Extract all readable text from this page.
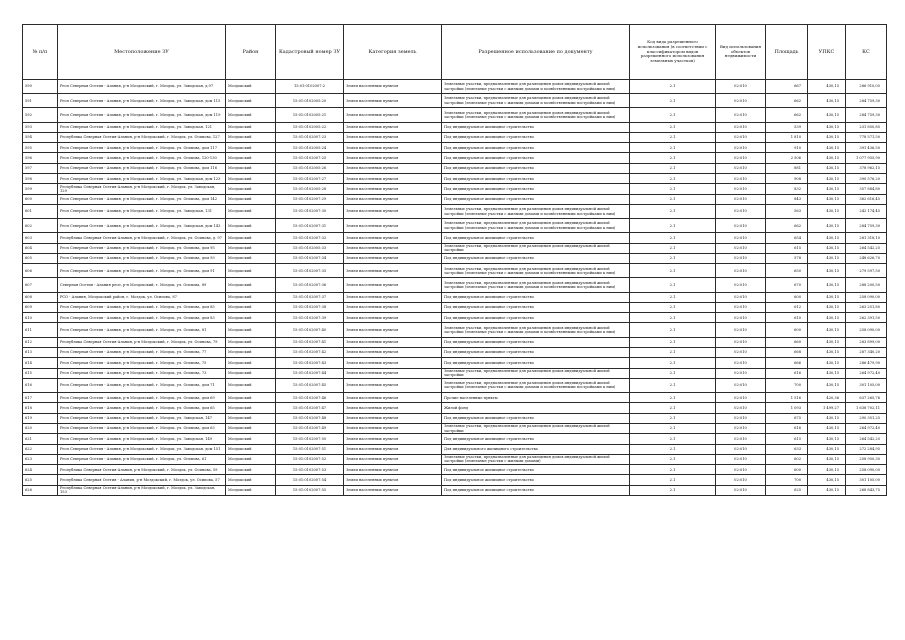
№ п/п	Местоположение ЗУ	Район	Кадастровый номер ЗУ	Категория земель	Разрешенное использование по документу	Код вида разрешенного использования (в соответствии с классификатором видов разрешенного использования земельных участков)	Вид использования объектов недвижимости	Площадь	УПКС	КС
590	Респ Северная Осетия - Алания, р-н Моздокский, г. Моздок, ул. Заводская, д.97	Моздокский	15:01:0102007:2	Земли населенных пунктов	Земельные участки, предназначенные для размещения домов индивидуальной жилой застройки (земельные участки с жилыми домами и хозяйственными постройками к ним)	2.1	02:010	667	430,15	286 910,05
591	Респ Северная Осетия - Алания, р-н Моздокский, г. Моздок, ул. Заводская, дом 115	Моздокский	15:01:0102005:20	Земли населенных пунктов	Земельные участки, предназначенные для размещения домов индивидуальной жилой застройки (земельные участки с жилыми домами и хозяйственными постройками к ним)	2.1	02:010	662	430,15	284 759,30
592	Респ Северная Осетия - Алания, р-н Моздокский, г. Моздок, ул. Заводская, дом 119	Моздокский	15:01:0102005:21	Земли населенных пунктов	Земельные участки, предназначенные для размещения домов индивидуальной жилой застройки (земельные участки с жилыми домами и хозяйственными постройками к ним)	2.1	02:010	662	430,15	284 759,30
593	Респ Северная Осетия - Алания, р-н Моздокский, г. Моздок, ул. Заводская, 121	Моздокский	15:01:0102005:22	Земли населенных пунктов	Под индивидуальное жилищное строительство	2.1	02:010	539	430,15	231 850,85
594	Республика Северная Осетия-Алания, р-н Моздокский, г. Моздок, ул. Осипова, 127	Моздокский	15:01:0102007:23	Земли населенных пунктов	Под индивидуальное жилищное строительство	2.1	02:010	1 810	430,15	778 571,50
595	Респ Северная Осетия - Алания, р-н Моздокский, г. Моздок, ул. Осипова, дом 117	Моздокский	15:01:0102005:24	Земли населенных пунктов	Под индивидуальное жилищное строительство	2.1	02:010	910	430,15	391 436,50
596	Респ Северная Осетия - Алания, р-н Моздокский, г. Моздок, ул. Осипова, 120-130	Моздокский	15:01:0102007:25	Земли населенных пунктов	Под индивидуальное жилищное строительство	2.1	02:010	2 506	430,15	1 077 955,90
597	Респ Северная Осетия - Алания, р-н Моздокский, г. Моздок, ул. Осипова, дом 116	Моздокский	15:01:0102005:26	Земли населенных пунктов	Под индивидуальное жилищное строительство	2.1	02:010	881	430,15	378 962,15
598	Респ Северная Осетия - Алания, р-н Моздокский, г. Моздок, ул. Заводская, дом 123	Моздокский	15:01:0102007:27	Земли населенных пунктов	Под индивидуальное жилищное строительство	2.1	02:010	908	430,15	390 576,20
599	Республика Северная Осетия-Алания, р-н Моздокский, г. Моздок, ул. Заводская, 129	Моздокский	15:01:0102005:28	Земли населенных пунктов	Под индивидуальное жилищное строительство	2.1	02:010	832	430,15	357 884,80
600	Респ Северная Осетия - Алания, р-н Моздокский, г. Моздок, ул. Осипова, дом 142	Моздокский	15:01:0102007:29	Земли населенных пунктов	Под индивидуальное жилищное строительство	2.1	02:010	843	430,15	362 616,45
601	Респ Северная Осетия - Алания, р-н Моздокский, г. Моздок, ул. Заводская, 131	Моздокский	15:01:0102007:30	Земли населенных пунктов	Земельные участки, предназначенные для размещения домов индивидуальной жилой застройки (земельные участки с жилыми домами и хозяйственными постройками к ним)	2.1	02:010	563	430,15	242 174,45
602	Респ Северная Осетия - Алания, р-н Моздокский, г. Моздок, ул. Заводская, дом 143	Моздокский	15:01:0102007:31	Земли населенных пунктов	Земельные участки, предназначенные для размещения домов индивидуальной жилой застройки (земельные участки с жилыми домами и хозяйственными постройками к ним)	2.1	02:010	662	430,15	284 759,30
603	Республика Северная Осетия-Алания, р-н Моздокский, г. Моздок, ул. Осипова, д. 97	Моздокский	15:01:0102007:32	Земли населенных пунктов	Под индивидуальное жилищное строительство	2.1	02:010	654	430,15	281 318,10
604	Респ Северная Осетия - Алания, р-н Моздокский, г. Моздок, ул. Осипова, дом 95	Моздокский	15:01:0102005:33	Земли населенных пунктов	Земельные участки, предназначенные для размещения домов индивидуальной жилой застройки	2.1	02:010	615	430,15	264 542,25
605	Респ Северная Осетия - Алания, р-н Моздокский, г. Моздок, ул. Осипова, дом 93	Моздокский	15:01:0102007:34	Земли населенных пунктов	Под индивидуальное жилищное строительство	2.1	02:010	578	430,15	248 626,70
606	Респ Северная Осетия - Алания, р-н Моздокский, г. Моздок, ул. Осипова, дом 91	Моздокский	15:01:0102007:35	Земли населенных пунктов	Земельные участки, предназначенные для размещения домов индивидуальной жилой застройки (земельные участки с жилыми домами и хозяйственными постройками к ним)	2.1	02:010	650	430,15	279 597,50
607	Северная Осетия - Алания респ, р-н Моздокский, г. Моздок, ул. Осипова, 89	Моздокский	15:01:0102007:36	Земли населенных пунктов	Земельные участки, предназначенные для размещения домов индивидуальной жилой застройки (земельные участки с жилыми домами и хозяйственными постройками к ним)	2.1	02:010	670	430,15	288 200,50
608	РСО - Алания, Моздокский район, г. Моздок, ул. Осипова, 87	Моздокский	15:01:0102007:37	Земли населенных пунктов	Под индивидуальное жилищное строительство	2.1	02:010	600	430,15	258 090,00
609	Респ Северная Осетия - Алания, р-н Моздокский, г. Моздок, ул. Осипова, дом 85	Моздокский	15:01:0102007:38	Земли населенных пунктов	Под индивидуальное жилищное строительство	2.1	02:010	612	430,15	263 251,80
610	Респ Северная Осетия - Алания, р-н Моздокский, г. Моздок, ул. Осипова, дом 83	Моздокский	15:01:0102007:39	Земли населенных пунктов	Под индивидуальное жилищное строительство	2.1	02:010	610	430,15	262 391,50
611	Респ Северная Осетия - Алания, р-н Моздокский, г. Моздок, ул. Осипова, 81	Моздокский	15:01:0102007:40	Земли населенных пунктов	Земельные участки, предназначенные для размещения домов индивидуальной жилой застройки (земельные участки с жилыми домами и хозяйственными постройками к ним)	2.1	02:010	600	430,15	258 090,00
612	Республика Северная Осетия-Алания, р-н Моздокский, г. Моздок, ул. Осипова, 79	Моздокский	15:01:0102007:41	Земли населенных пунктов	Под индивидуальное жилищное строительство	2.1	02:010	660	430,15	283 899,00
613	Респ Северная Осетия - Алания, р-н Моздокский, г. Моздок, ул. Осипова, 77	Моздокский	15:01:0102007:42	Земли населенных пунктов	Под индивидуальное жилищное строительство	2.1	02:010	668	430,15	287 340,20
614	Респ Северная Осетия - Алания, р-н Моздокский, г. Моздок, ул. Осипова, 75	Моздокский	15:01:0102007:43	Земли населенных пунктов	Под индивидуальное жилищное строительство	2.1	02:010	666	430,15	286 479,90
615	Респ Северная Осетия - Алания, р-н Моздокский, г. Моздок, ул. Осипова, 73	Моздокский	15:01:0102007:44	Земли населенных пунктов	Земельные участки, предназначенные для размещения домов индивидуальной жилой застройки	2.1	02:010	616	430,15	264 972,40
616	Респ Северная Осетия - Алания, р-н Моздокский, г. Моздок, ул. Осипова, дом 71	Моздокский	15:01:0102007:45	Земли населенных пунктов	Земельные участки, предназначенные для размещения домов индивидуальной жилой застройки (земельные участки с жилыми домами и хозяйственными постройками к ним)	2.1	02:010	700	430,15	301 105,00
617	Респ Северная Осетия - Алания, р-н Моздокский, г. Моздок, ул. Осипова, дом 69	Моздокский	15:01:0102007:46	Земли населенных пунктов	Прочие населенные пункты	2.1	02:010	1 516	420,36	637 265,76
618	Респ Северная Осетия - Алания, р-н Моздокский, г. Моздок, ул. Осипова, дом 65	Моздокский	15:01:0102007:47	Земли населенных пунктов	Жилой фонд	2.1	02:010	1 093	1 499,27	1 638 702,11
619	Респ Северная Осетия - Алания, р-н Моздокский, г. Моздок, ул. Заводская, 147	Моздокский	15:01:0102007:48	Земли населенных пунктов	Под индивидуальное жилищное строительство	2.1	02:010	675	430,15	290 351,25
620	Респ Северная Осетия - Алания, р-н Моздокский, г. Моздок, ул. Осипова, дом 63	Моздокский	15:01:0102007:49	Земли населенных пунктов	Земельные участки, предназначенные для размещения домов индивидуальной жилой застройки	2.1	02:010	616	430,15	264 972,40
621	Респ Северная Осетия - Алания, р-н Моздокский, г. Моздок, ул. Заводская, 149	Моздокский	15:01:0102007:50	Земли населенных пунктов	Под индивидуальное жилищное строительство	2.1	02:010	615	430,15	264 542,25
622	Респ Северная Осетия - Алания, р-н Моздокский, г. Моздок, ул. Заводская, дом 151	Моздокский	15:01:0102007:51	Земли населенных пунктов	Для индивидуального жилищного строительства	2.1	02:010	633	430,15	272 284,95
623	Респ Северная Осетия - Алания, р-н Моздокский, г. Моздок, ул. Осипова, 61	Моздокский	15:01:0102007:52	Земли населенных пунктов	Земельные участки, предназначенные для размещения домов индивидуальной жилой застройки (земельные участки с жилыми домами)	2.1	02:010	602	430,15	258 950,30
624	Республика Северная Осетия-Алания, р-н Моздокский, г. Моздок, ул. Осипова, 59	Моздокский	15:01:0102007:53	Земли населенных пунктов	Под индивидуальное жилищное строительство	2.1	02:010	600	430,15	258 090,00
625	Республика Северная Осетия - Алания, р-н Моздокский, г. Моздок, ул. Осипова, 57	Моздокский	15:01:0102007:54	Земли населенных пунктов	Под индивидуальное жилищное строительство	2.1	02:010	700	430,15	301 105,00
626	Республика Северная Осетия-Алания, р-н Моздокский, г. Моздок, ул. Заводская, 153	Моздокский	15:01:0102007:55	Земли населенных пунктов	Под индивидуальное жилищное строительство	2.1	02:010	625	430,15	268 843,75
